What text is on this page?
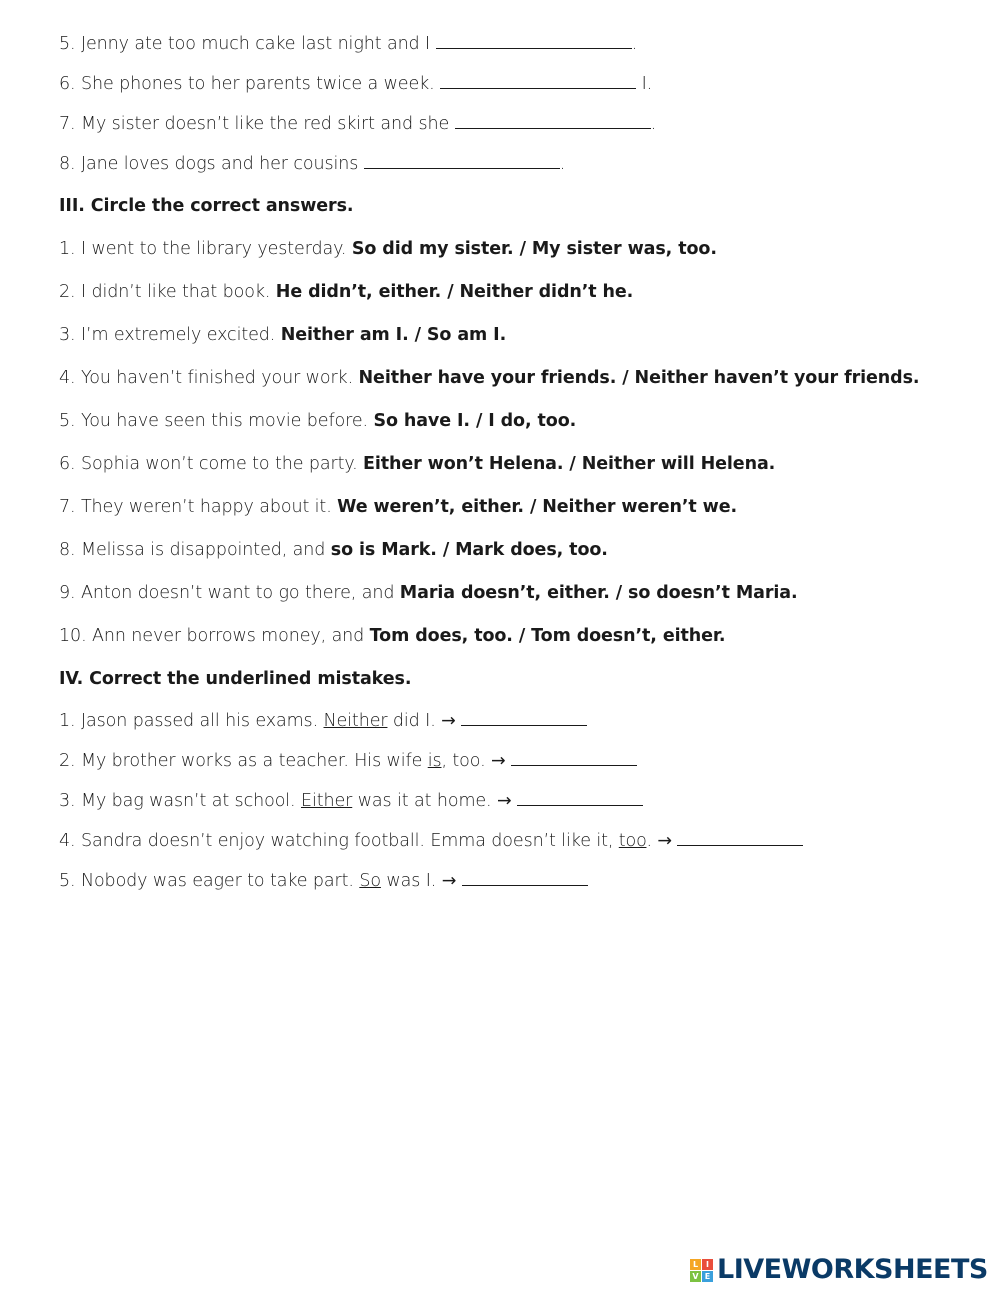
5. Jenny ate too much cake last night and I	.
6. She phones to her parents twice a week.	I.
7. My sister doesn’t like the red skirt and she	.
8. Jane loves dogs and her cousins	.
III. Circle the correct answers.
1. I went to the library yesterday. So did my sister. / My sister was, too.
2. I didn’t like that book. He didn’t, either. / Neither didn’t he.
3. I’m extremely excited. Neither am I. / So am I.
4. You haven’t finished your work. Neither have your friends. / Neither haven’t your friends.
5. You have seen this movie before. So have I. / I do, too.
6. Sophia won’t come to the party. Either won’t Helena. / Neither will Helena.
7. They weren’t happy about it. We weren’t, either. / Neither weren’t we.
8. Melissa is disappointed, and so is Mark. / Mark does, too.
9. Anton doesn’t want to go there, and Maria doesn’t, either. / so doesn’t Maria.
10. Ann never borrows money, and Tom does, too. / Tom doesn’t, either.
IV. Correct the underlined mistakes.
1. Jason passed all his exams. Neither did I. →
2. My brother works as a teacher. His wife is, too. →
3. My bag wasn’t at school. Either was it at home. →
4. Sandra doesn’t enjoy watching football. Emma doesn’t like it, too. →
5. Nobody was eager to take part. So was I. →
L I
V E LIVEWORKSHEETS
